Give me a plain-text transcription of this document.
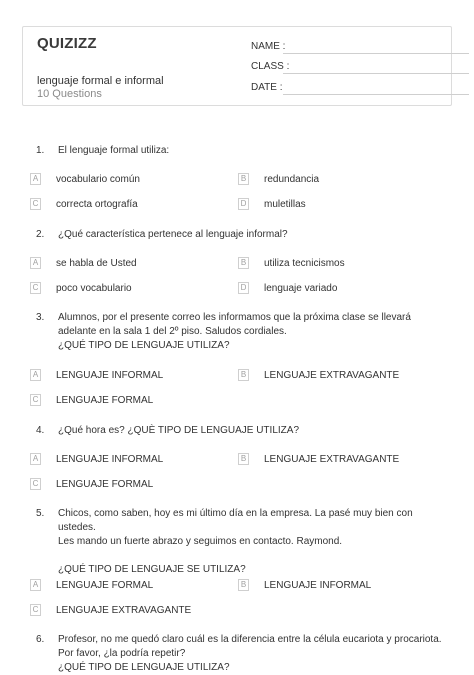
QUIZIZZ
lenguaje formal e informal
10 Questions
NAME :
CLASS :
DATE :
1. El lenguaje formal utiliza:
A vocabulario común	B redundancia
C correcta ortografía	D muletillas
2. ¿Qué característica pertenece al lenguaje informal?
A se habla de Usted	B utiliza tecnicismos
C poco vocabulario	D lenguaje variado
3. Alumnos, por el presente correo les informamos que la próxima clase se llevará
adelante en la sala 1 del 2º piso. Saludos cordiales.
¿QUÉ TIPO DE LENGUAJE UTILIZA?
A LENGUAJE INFORMAL	B LENGUAJE EXTRAVAGANTE
C LENGUAJE FORMAL
4. ¿Qué hora es? ¿QUÈ TIPO DE LENGUAJE UTILIZA?
A LENGUAJE INFORMAL	B LENGUAJE EXTRAVAGANTE
C LENGUAJE FORMAL
5. Chicos, como saben, hoy es mi último día en la empresa. La pasé muy bien con ustedes.
Les mando un fuerte abrazo y seguimos en contacto. Raymond.
¿QUÉ TIPO DE LENGUAJE SE UTILIZA?
A LENGUAJE FORMAL	B LENGUAJE INFORMAL
C LENGUAJE EXTRAVAGANTE
6. Profesor, no me quedó claro cuál es la diferencia entre la célula eucariota y procariota.
Por favor, ¿la podría repetir?
¿QUÉ TIPO DE LENGUAJE UTILIZA?
